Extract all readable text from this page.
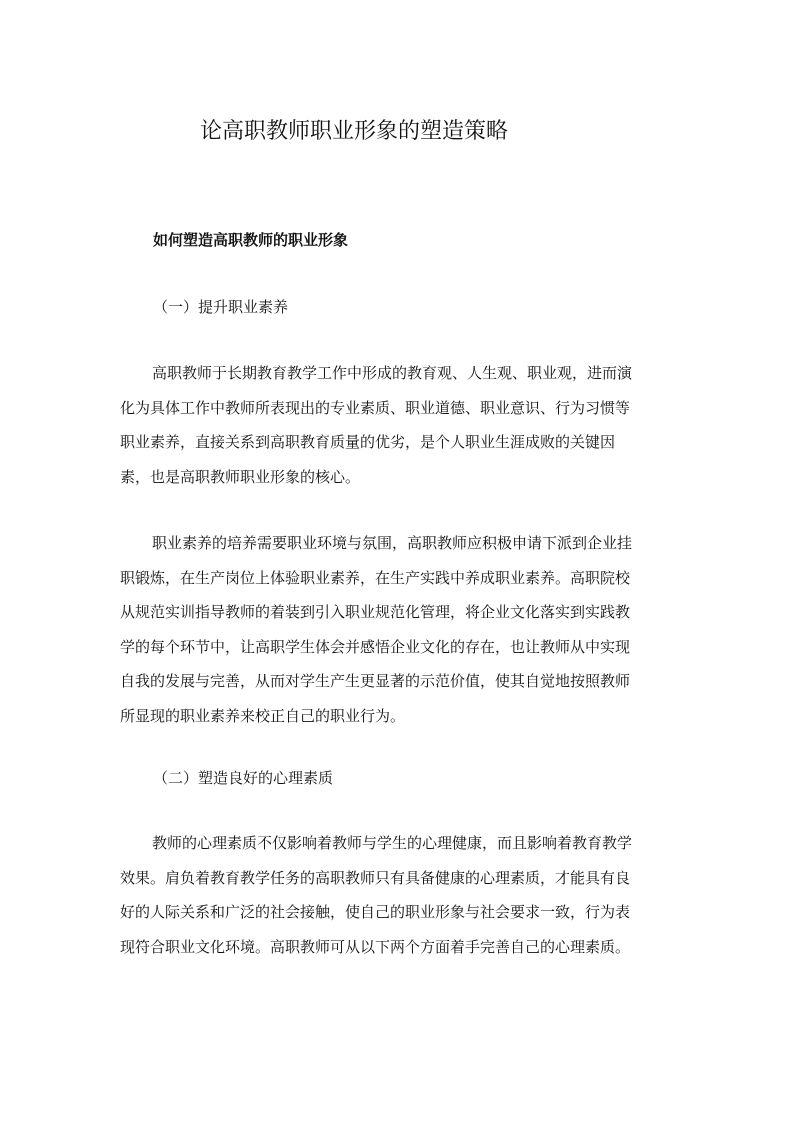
论高职教师职业形象的塑造策略
如何塑造高职教师的职业形象
（一）提升职业素养
高职教师于长期教育教学工作中形成的教育观、人生观、职业观，进而演
化为具体工作中教师所表现出的专业素质、职业道德、职业意识、行为习惯等
职业素养，直接关系到高职教育质量的优劣，是个人职业生涯成败的关键因
素，也是高职教师职业形象的核心。
职业素养的培养需要职业环境与氛围，高职教师应积极申请下派到企业挂
职锻炼，在生产岗位上体验职业素养，在生产实践中养成职业素养。高职院校
从规范实训指导教师的着装到引入职业规范化管理，将企业文化落实到实践教
学的每个环节中，让高职学生体会并感悟企业文化的存在，也让教师从中实现
自我的发展与完善，从而对学生产生更显著的示范价值，使其自觉地按照教师
所显现的职业素养来校正自己的职业行为。
（二）塑造良好的心理素质
教师的心理素质不仅影响着教师与学生的心理健康，而且影响着教育教学
效果。肩负着教育教学任务的高职教师只有具备健康的心理素质，才能具有良
好的人际关系和广泛的社会接触，使自己的职业形象与社会要求一致，行为表
现符合职业文化环境。高职教师可从以下两个方面着手完善自己的心理素质。
